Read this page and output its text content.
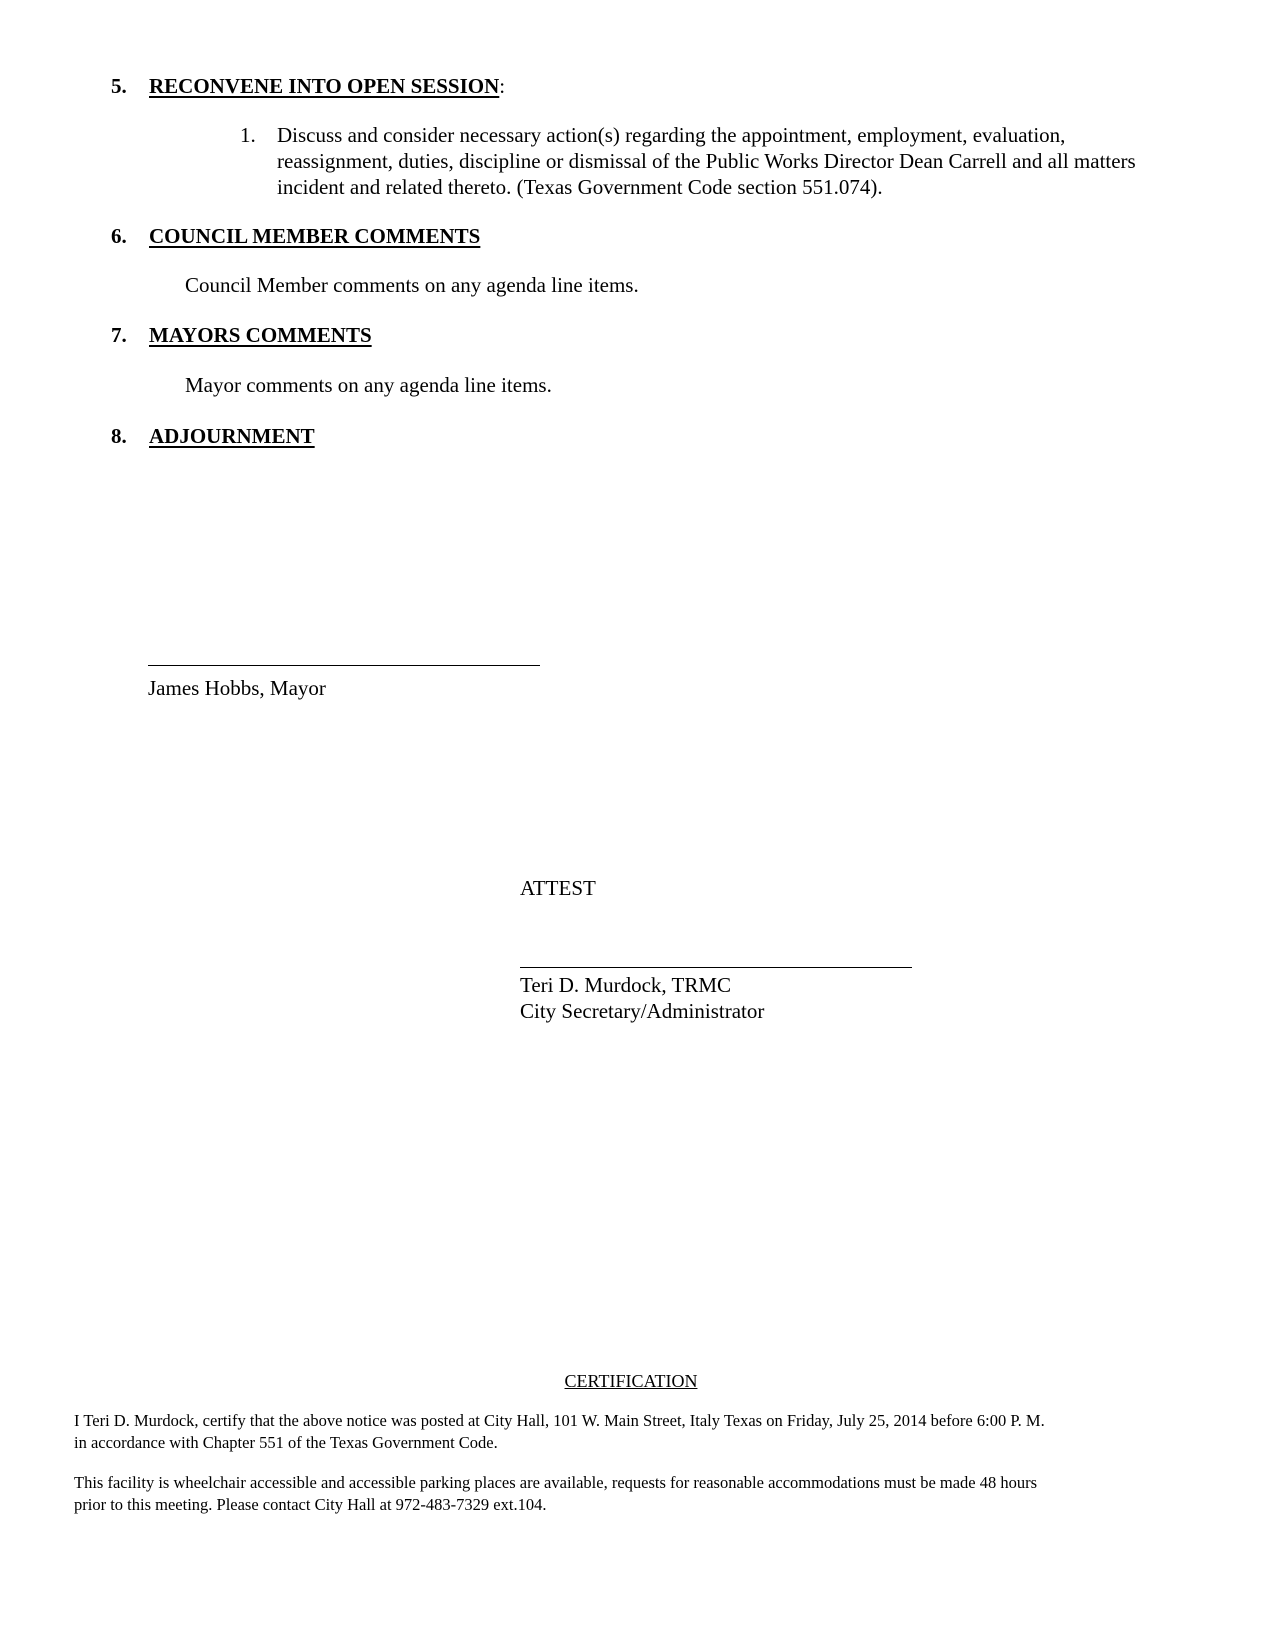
5. RECONVENE INTO OPEN SESSION:
1. Discuss and consider necessary action(s) regarding the appointment, employment, evaluation,
reassignment, duties, discipline or dismissal of the Public Works Director Dean Carrell and all matters
incident and related thereto. (Texas Government Code section 551.074).
6. COUNCIL MEMBER COMMENTS
Council Member comments on any agenda line items.
7. MAYORS COMMENTS
Mayor comments on any agenda line items.
8. ADJOURNMENT
James Hobbs, Mayor
ATTEST
Teri D. Murdock, TRMC
City Secretary/Administrator
CERTIFICATION
I Teri D. Murdock, certify that the above notice was posted at City Hall, 101 W. Main Street, Italy Texas on Friday, July 25, 2014 before 6:00 P. M.
in accordance with Chapter 551 of the Texas Government Code.
This facility is wheelchair accessible and accessible parking places are available, requests for reasonable accommodations must be made 48 hours
prior to this meeting. Please contact City Hall at 972-483-7329 ext.104.
